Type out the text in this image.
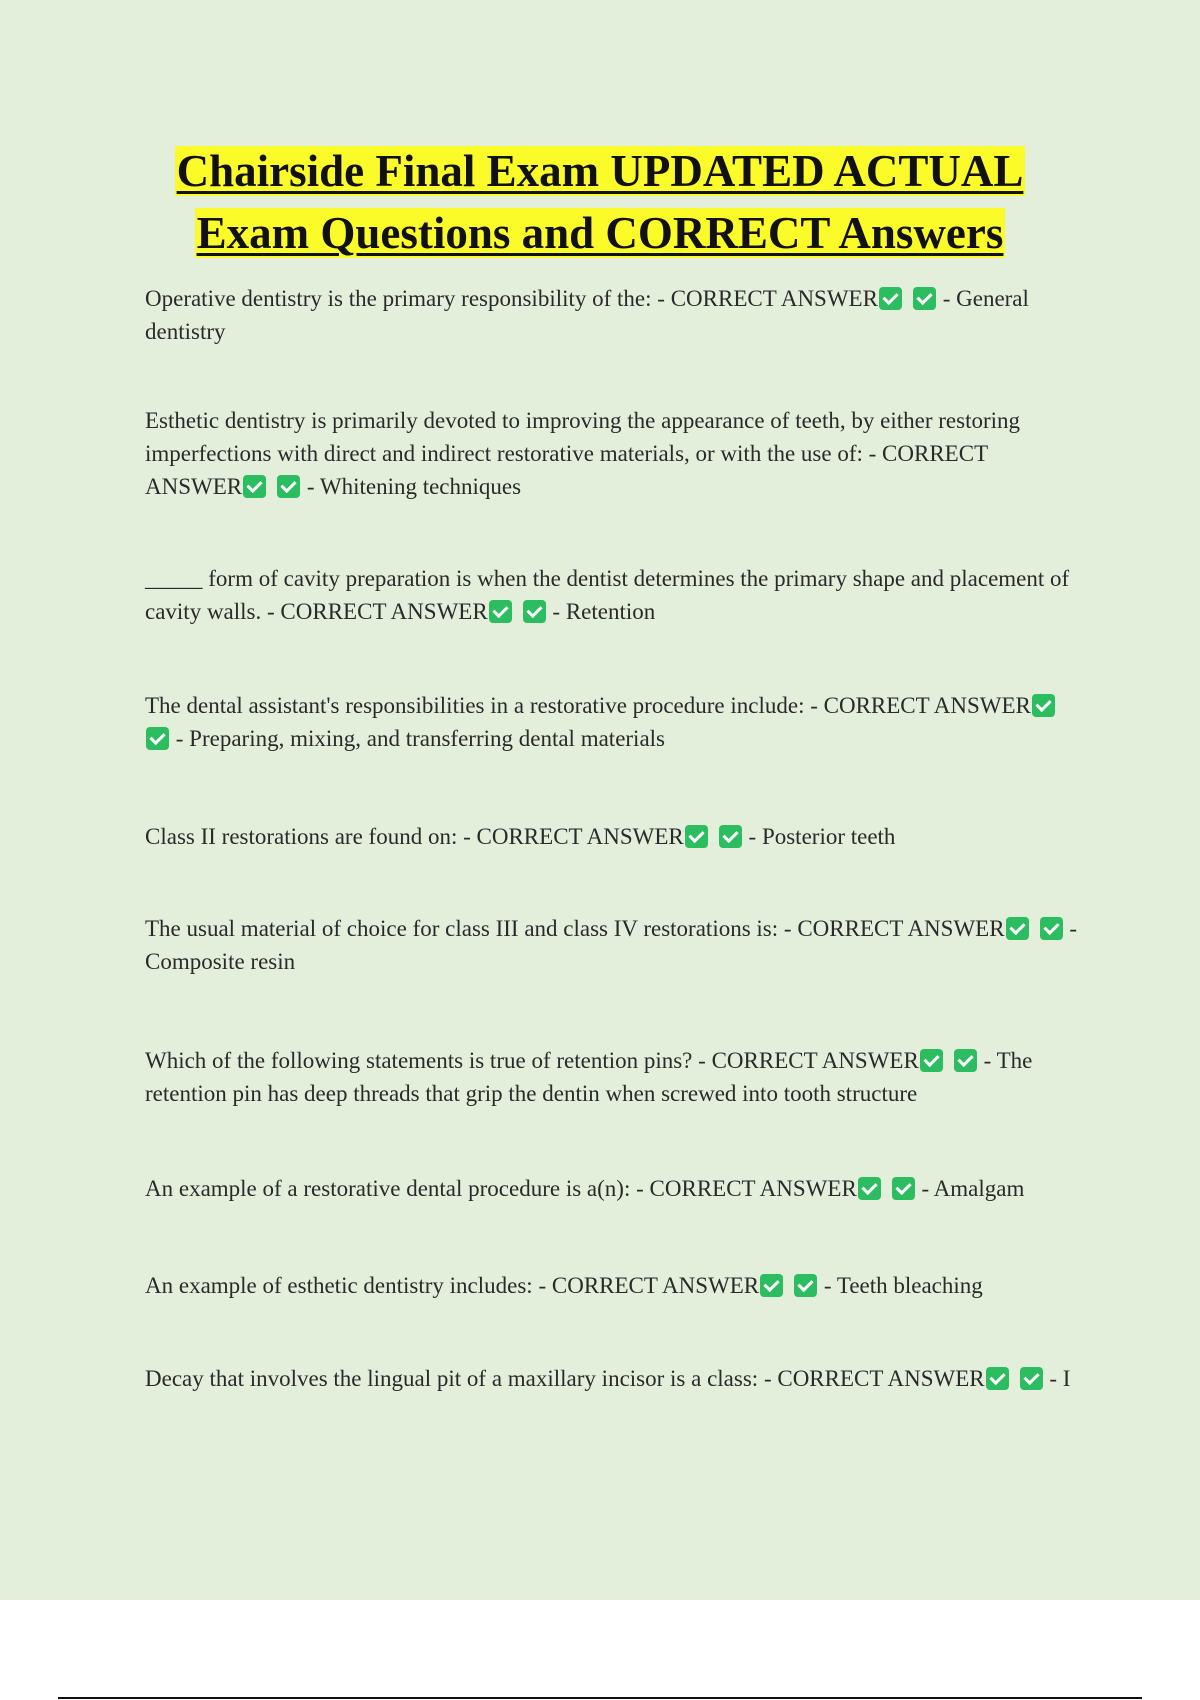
Chairside Final Exam UPDATED ACTUAL
Exam Questions and CORRECT Answers
Operative dentistry is the primary responsibility of the: - CORRECT ANSWER	- General dentistry
Esthetic dentistry is primarily devoted to improving the appearance of teeth, by either restoring imperfections with direct and indirect restorative materials, or with the use of: - CORRECT ANSWER	- Whitening techniques
_____ form of cavity preparation is when the dentist determines the primary shape and placement of cavity walls. - CORRECT ANSWER	- Retention
The dental assistant's responsibilities in a restorative procedure include: - CORRECT ANSWER - Preparing, mixing, and transferring dental materials
Class II restorations are found on: - CORRECT ANSWER	- Posterior teeth
The usual material of choice for class III and class IV restorations is: - CORRECT ANSWER	- Composite resin
Which of the following statements is true of retention pins? - CORRECT ANSWER	- The retention pin has deep threads that grip the dentin when screwed into tooth structure
An example of a restorative dental procedure is a(n): - CORRECT ANSWER	- Amalgam
An example of esthetic dentistry includes: - CORRECT ANSWER	- Teeth bleaching
Decay that involves the lingual pit of a maxillary incisor is a class: - CORRECT ANSWER	- I
